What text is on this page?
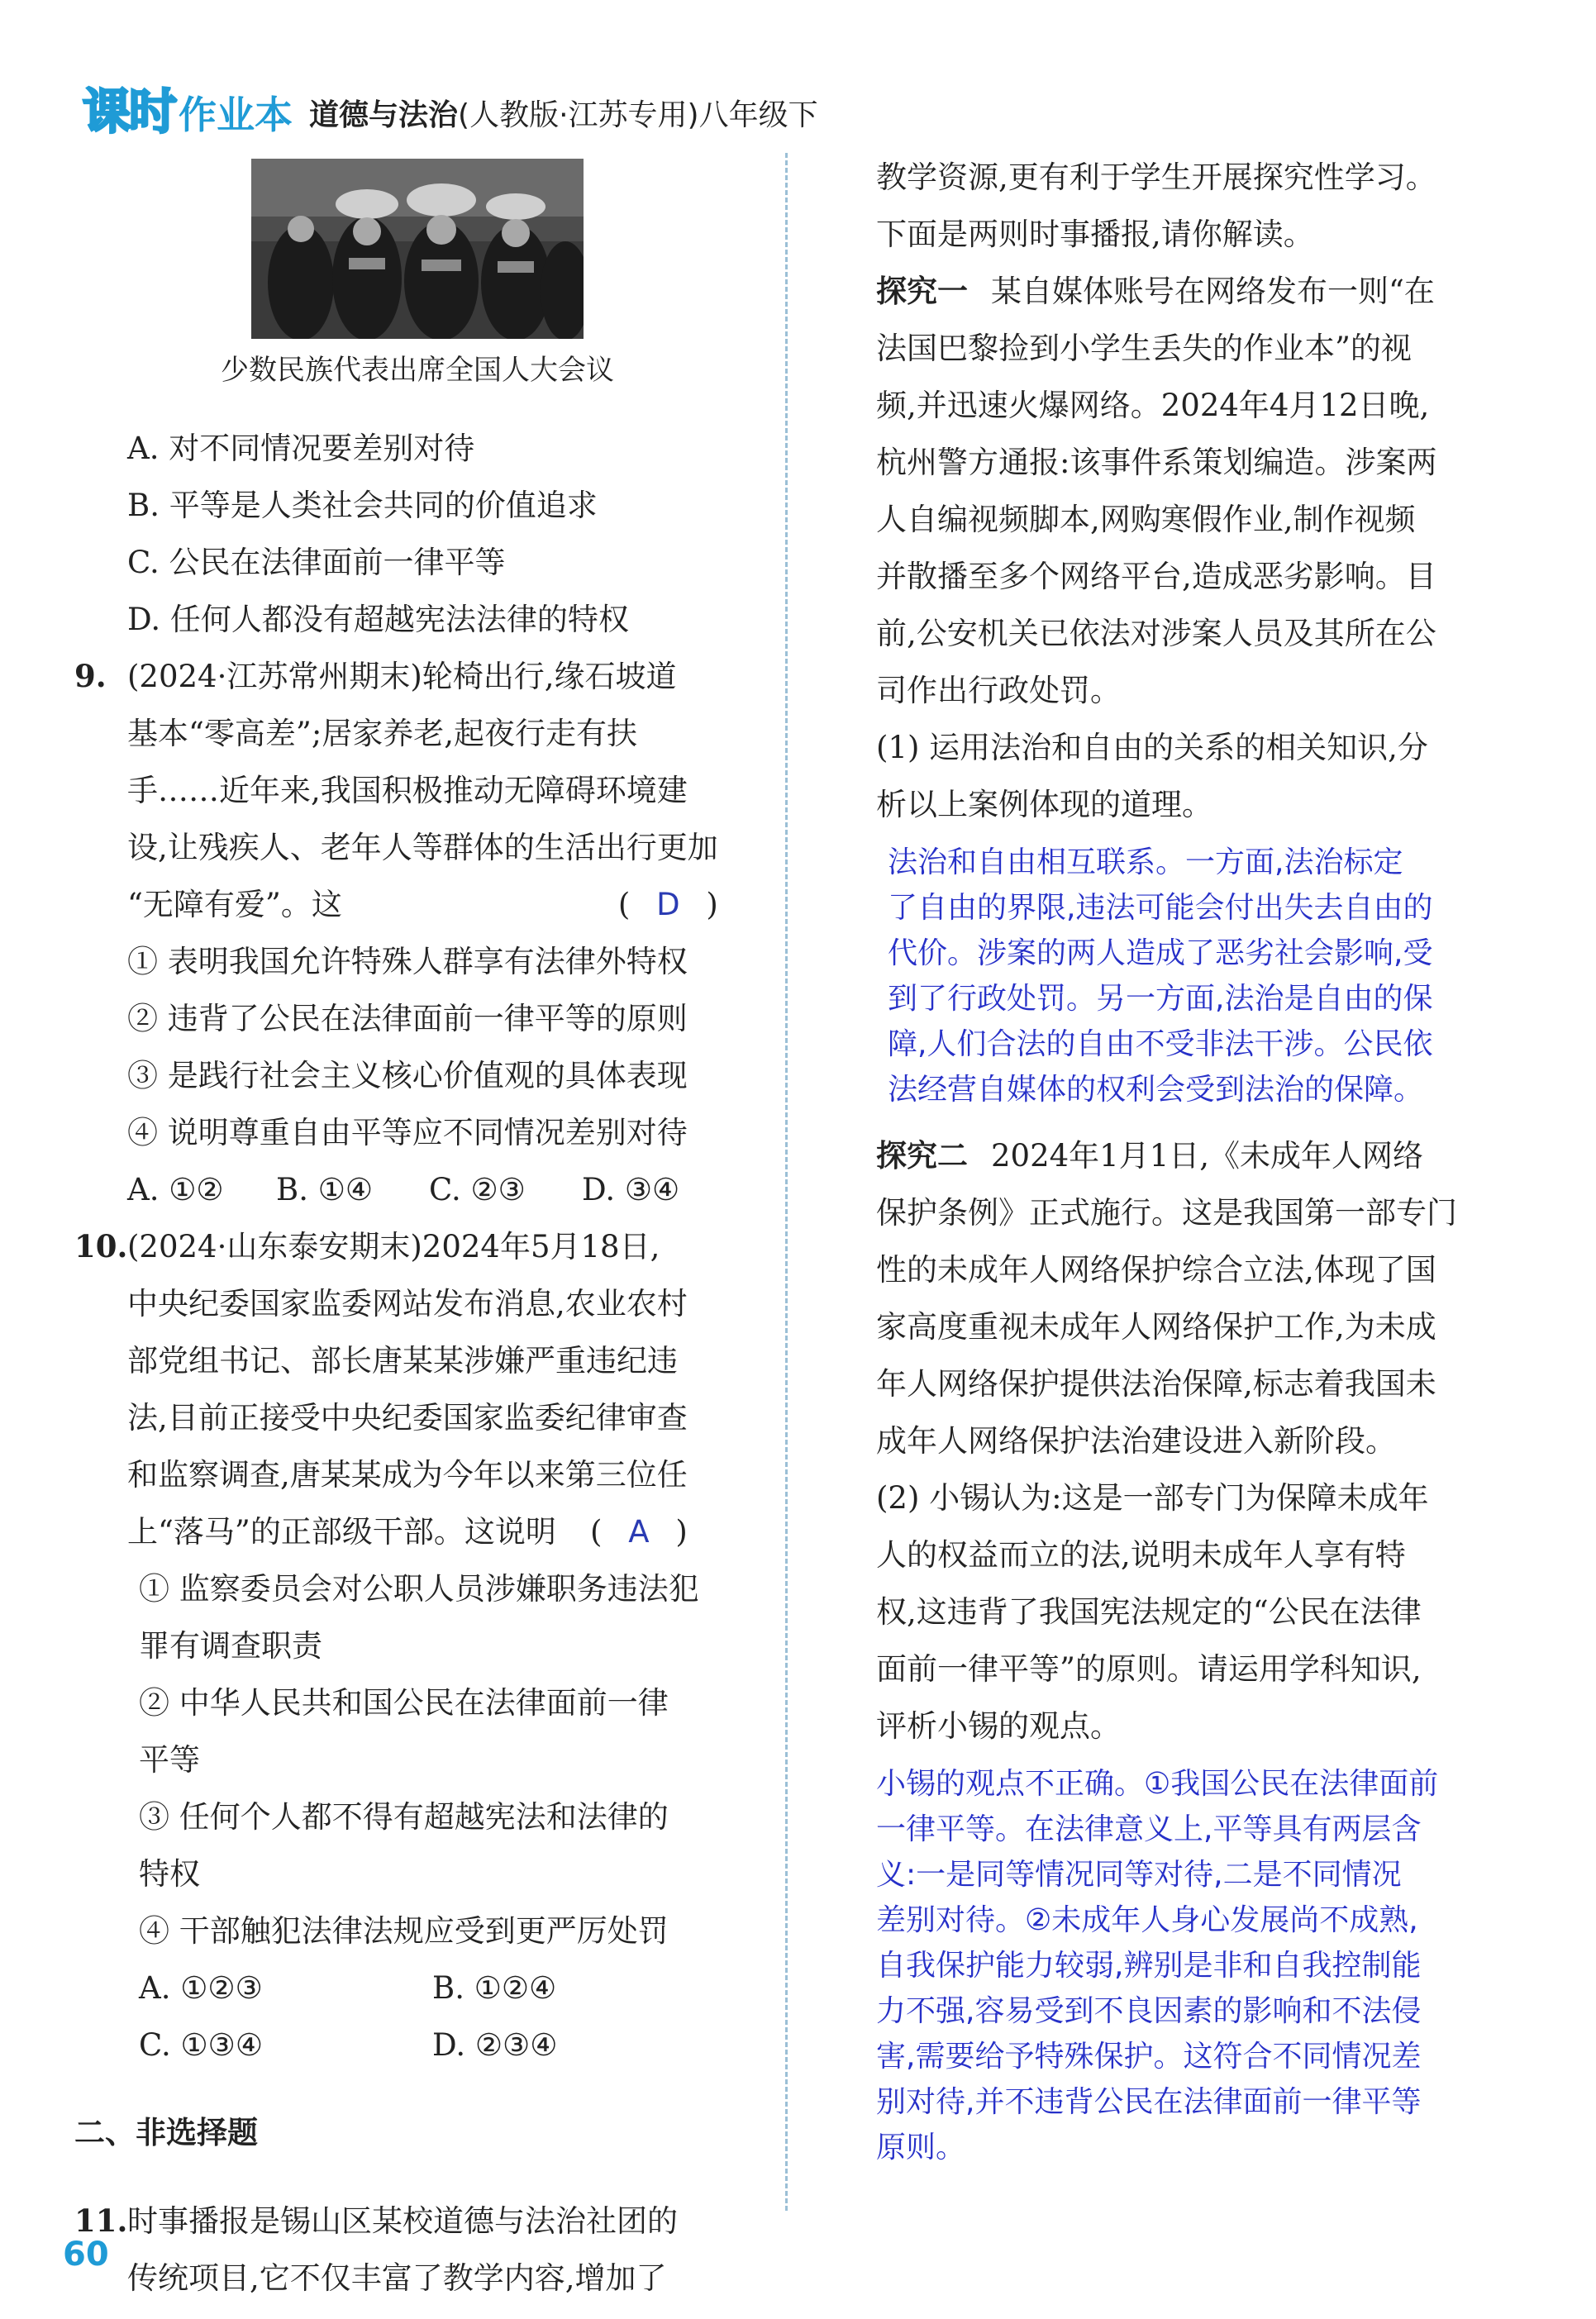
课时 作业本 道德与法治(人教版·江苏专用)八年级下

少数民族代表出席全国人大会议

A. 对不同情况要差别对待

B. 平等是人类社会共同的价值追求

C. 公民在法律面前一律平等

D. 任何人都没有超越宪法法律的特权

9. (2024·江苏常州期末)轮椅出行,缘石坡道

基本“零高差”;居家养老,起夜行走有扶

手……近年来,我国积极推动无障碍环境建

设,让残疾人、老年人等群体的生活出行更加

“无障有爱”。这	( D )

① 表明我国允许特殊人群享有法律外特权

② 违背了公民在法律面前一律平等的原则

③ 是践行社会主义核心价值观的具体表现

④ 说明尊重自由平等应不同情况差别对待

A. ①②	B. ①④	C. ②③	D. ③④

10. (2024·山东泰安期末)2024年5月18日,

中央纪委国家监委网站发布消息,农业农村

部党组书记、部长唐某某涉嫌严重违纪违

法,目前正接受中央纪委国家监委纪律审查

和监察调查,唐某某成为今年以来第三位任

上“落马”的正部级干部。这说明 ( A )

① 监察委员会对公职人员涉嫌职务违法犯

罪有调查职责

② 中华人民共和国公民在法律面前一律

平等

③ 任何个人都不得有超越宪法和法律的

特权

④ 干部触犯法律法规应受到更严厉处罚

A. ①②③	B. ①②④

C. ①③④	D. ②③④

二、非选择题

11. 时事播报是锡山区某校道德与法治社团的

传统项目,它不仅丰富了教学内容,增加了

教学资源,更有利于学生开展探究性学习。

下面是两则时事播报,请你解读。

探究一 某自媒体账号在网络发布一则“在

法国巴黎捡到小学生丢失的作业本”的视

频,并迅速火爆网络。2024年4月12日晚,

杭州警方通报:该事件系策划编造。涉案两

人自编视频脚本,网购寒假作业,制作视频

并散播至多个网络平台,造成恶劣影响。目

前,公安机关已依法对涉案人员及其所在公

司作出行政处罚。

(1) 运用法治和自由的关系的相关知识,分

析以上案例体现的道理。

法治和自由相互联系。一方面,法治标定

了自由的界限,违法可能会付出失去自由的

代价。涉案的两人造成了恶劣社会影响,受

到了行政处罚。另一方面,法治是自由的保

障,人们合法的自由不受非法干涉。公民依

法经营自媒体的权利会受到法治的保障。

探究二 2024年1月1日,《未成年人网络

保护条例》正式施行。这是我国第一部专门

性的未成年人网络保护综合立法,体现了国

家高度重视未成年人网络保护工作,为未成

年人网络保护提供法治保障,标志着我国未

成年人网络保护法治建设进入新阶段。

(2) 小锡认为:这是一部专门为保障未成年

人的权益而立的法,说明未成年人享有特

权,这违背了我国宪法规定的“公民在法律

面前一律平等”的原则。请运用学科知识,

评析小锡的观点。

小锡的观点不正确。①我国公民在法律面前

一律平等。在法律意义上,平等具有两层含

义:一是同等情况同等对待,二是不同情况

差别对待。②未成年人身心发展尚不成熟,

自我保护能力较弱,辨别是非和自我控制能

力不强,容易受到不良因素的影响和不法侵

害,需要给予特殊保护。这符合不同情况差

别对待,并不违背公民在法律面前一律平等

原则。

60
